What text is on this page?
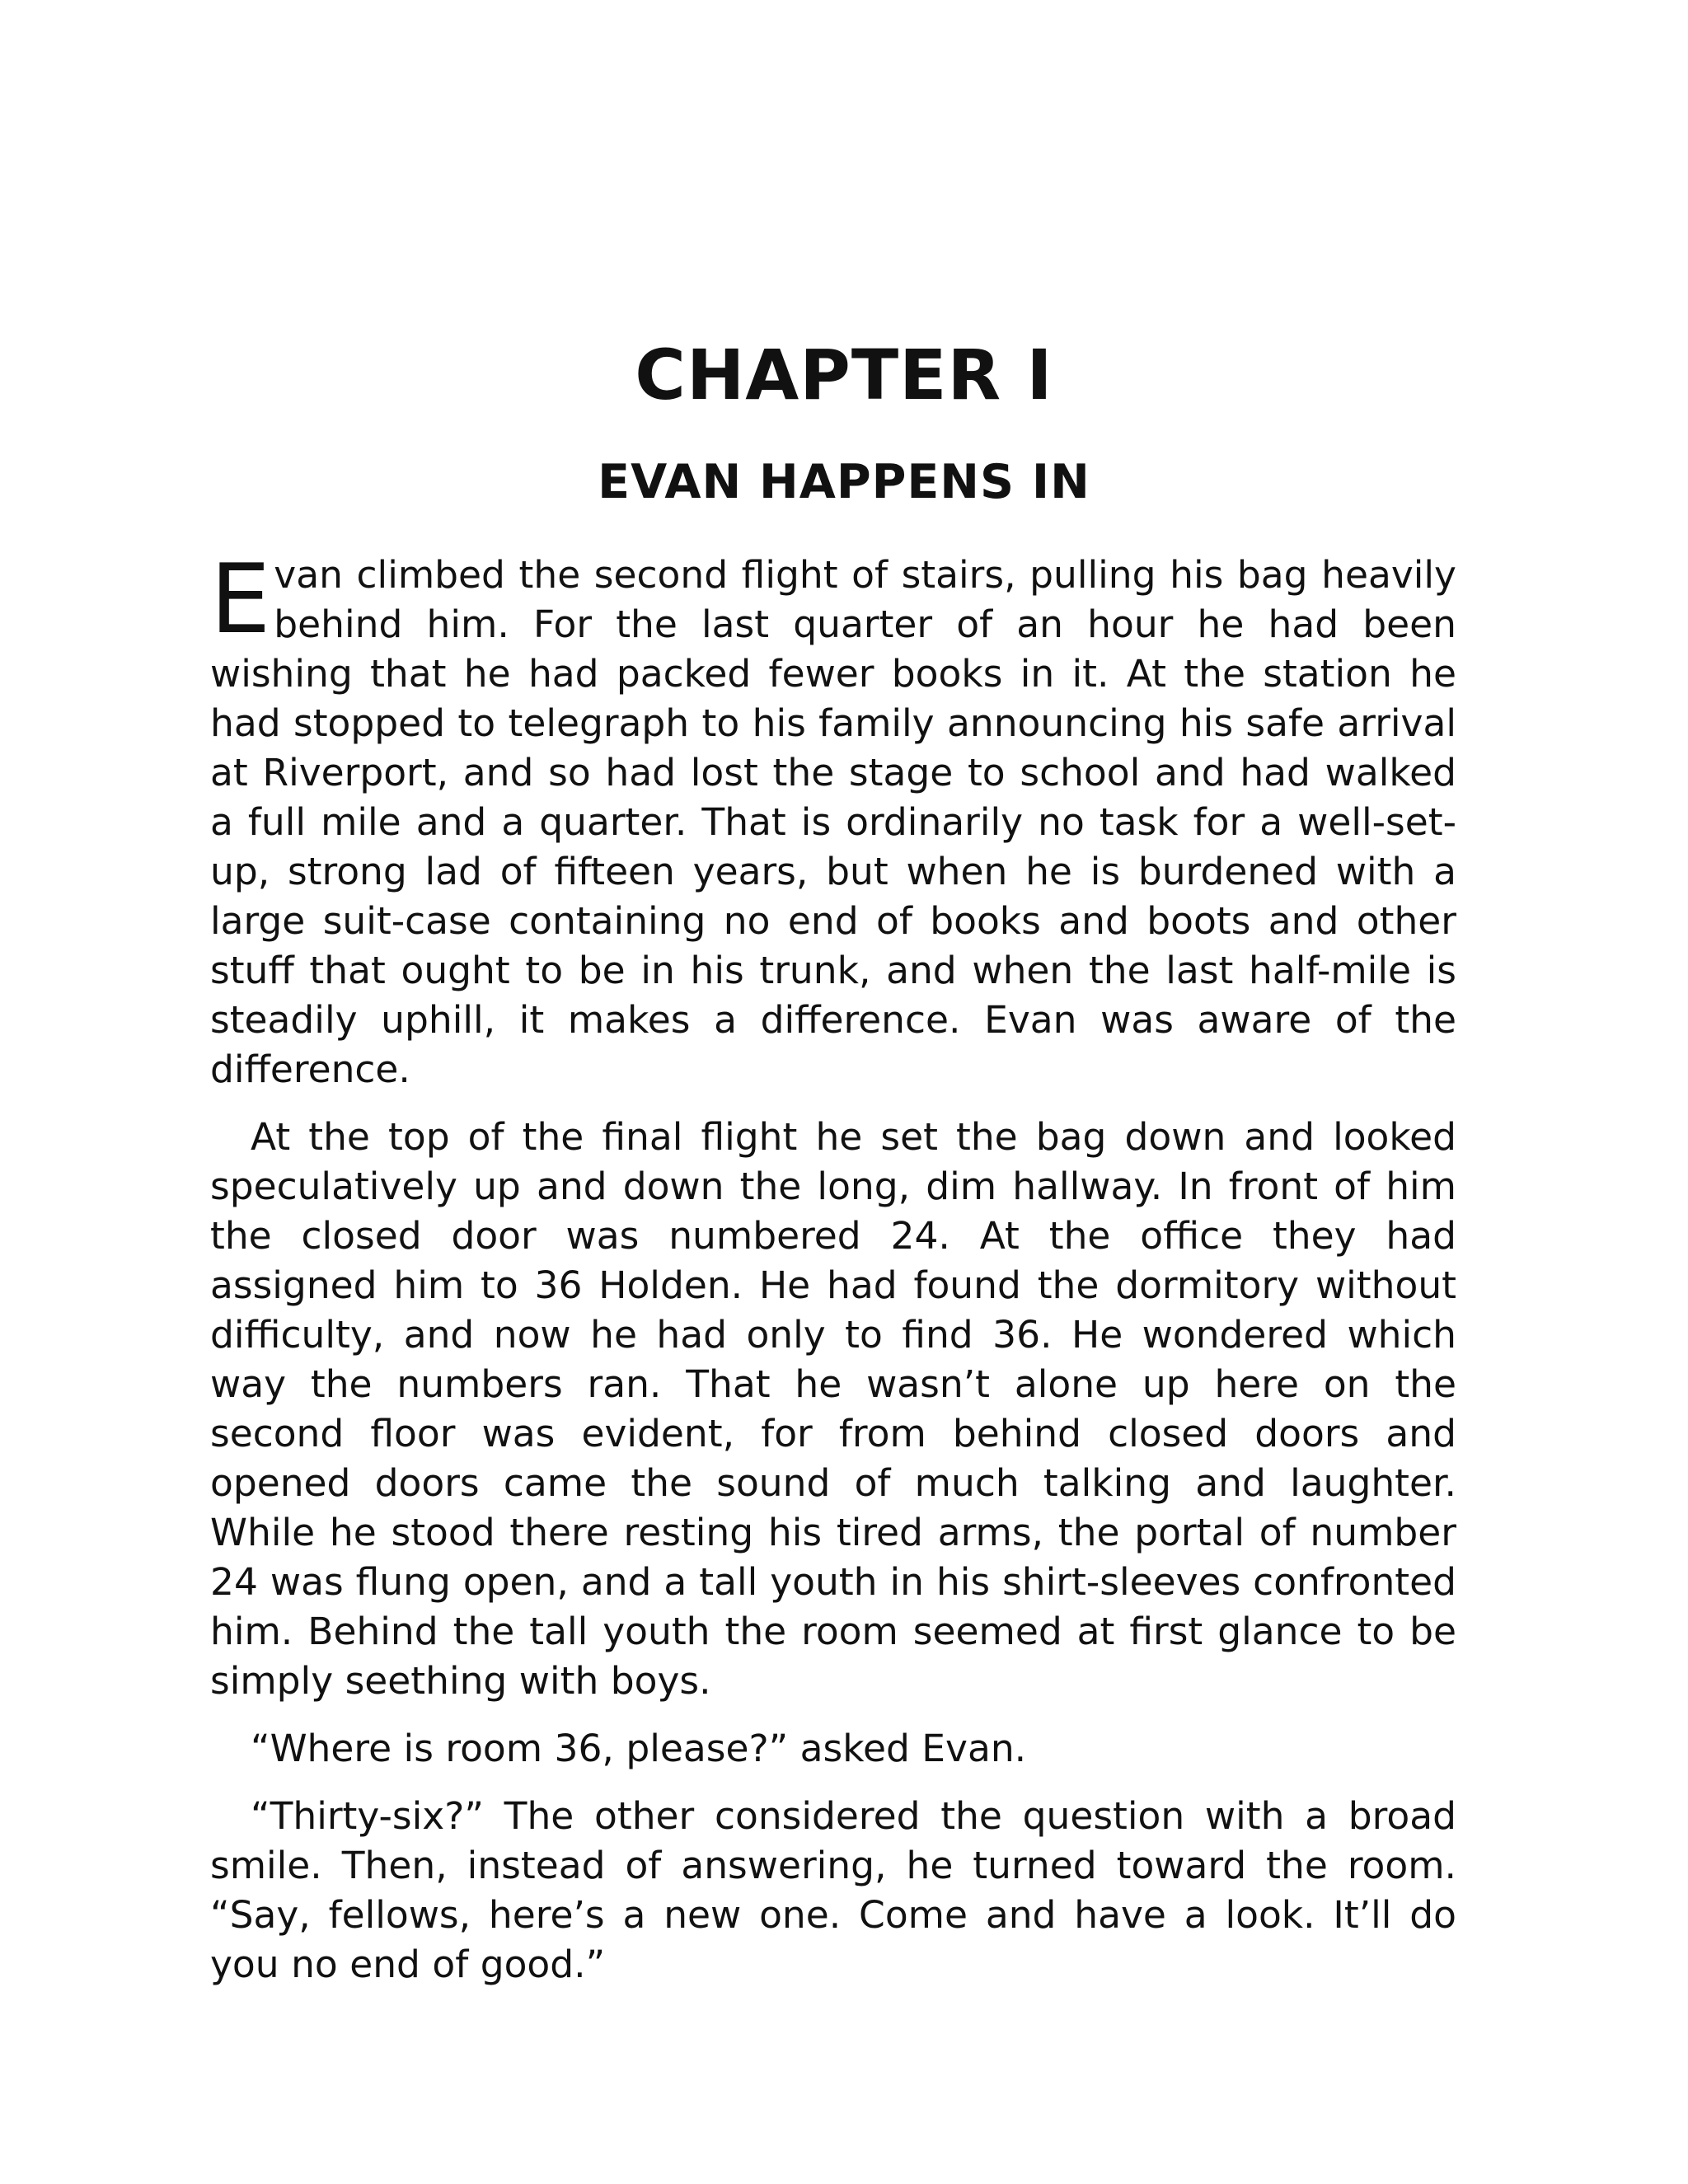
CHAPTER I
EVAN HAPPENS IN

Evan climbed the second flight of stairs, pulling his bag heavily behind him. For the last quarter of an hour he had been wishing that he had packed fewer books in it. At the station he had stopped to telegraph to his family announcing his safe arrival at Riverport, and so had lost the stage to school and had walked a full mile and a quarter. That is ordinarily no task for a well-set-up, strong lad of fifteen years, but when he is burdened with a large suit-case containing no end of books and boots and other stuff that ought to be in his trunk, and when the last half-mile is steadily uphill, it makes a difference. Evan was aware of the difference.

At the top of the final flight he set the bag down and looked speculatively up and down the long, dim hallway. In front of him the closed door was numbered 24. At the office they had assigned him to 36 Holden. He had found the dormitory without difficulty, and now he had only to find 36. He wondered which way the numbers ran. That he wasn’t alone up here on the second floor was evident, for from behind closed doors and opened doors came the sound of much talking and laughter. While he stood there resting his tired arms, the portal of number 24 was flung open, and a tall youth in his shirt-sleeves confronted him. Behind the tall youth the room seemed at first glance to be simply seething with boys.

“Where is room 36, please?” asked Evan.

“Thirty-six?” The other considered the question with a broad smile. Then, instead of answering, he turned toward the room. “Say, fellows, here’s a new one. Come and have a look. It’ll do you no end of good.”
